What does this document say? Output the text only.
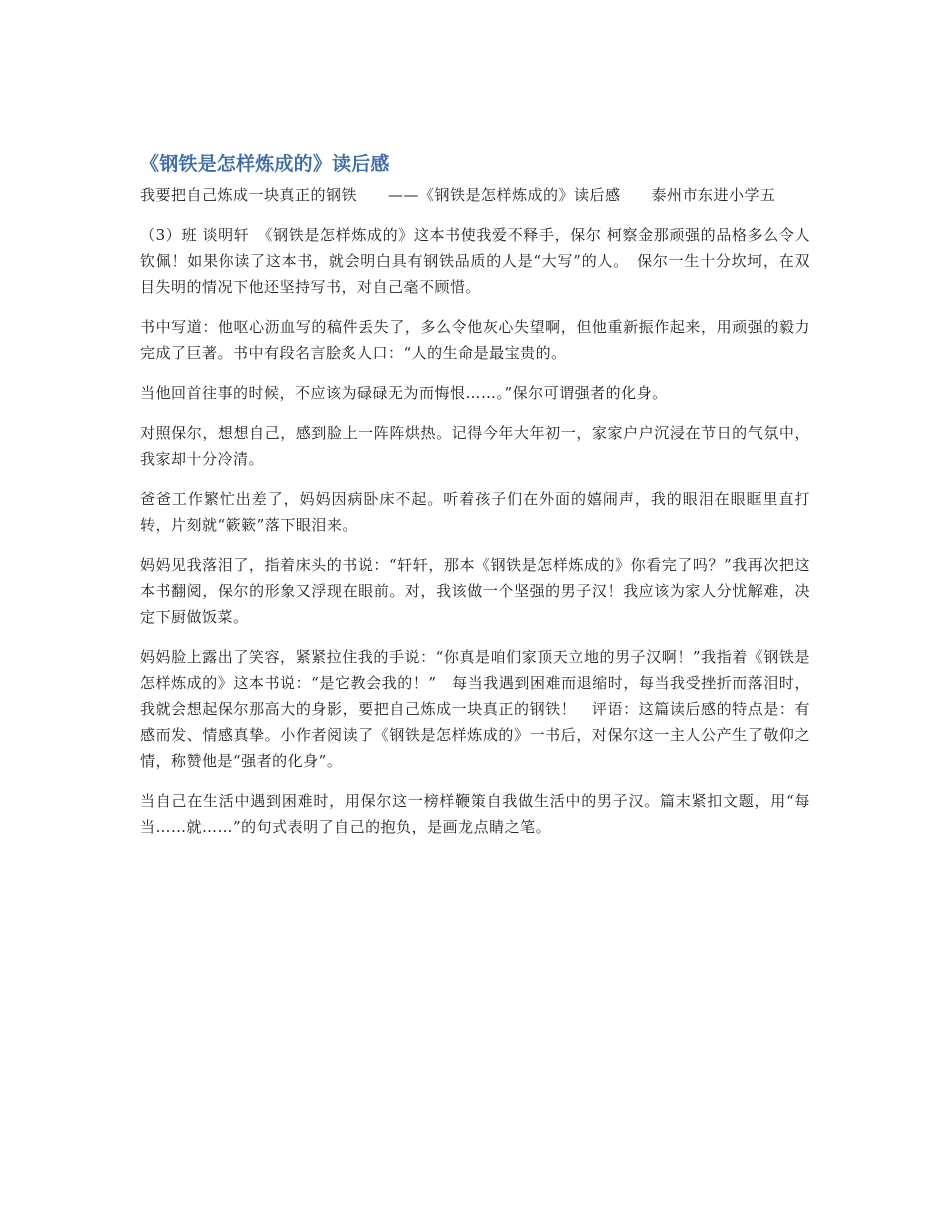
《钢铁是怎样炼成的》读后感

我要把自己炼成一块真正的钢铁　　——《钢铁是怎样炼成的》读后感　　泰州市东进小学五

（3）班 谈明轩　《钢铁是怎样炼成的》这本书使我爱不释手，保尔 柯察金那顽强的品格多么令人钦佩！如果你读了这本书，就会明白具有钢铁品质的人是“大写”的人。　保尔一生十分坎坷，在双目失明的情况下他还坚持写书，对自己毫不顾惜。

书中写道：他呕心沥血写的稿件丢失了，多么令他灰心失望啊，但他重新振作起来，用顽强的毅力完成了巨著。书中有段名言脍炙人口：“人的生命是最宝贵的。

当他回首往事的时候，不应该为碌碌无为而悔恨……。”保尔可谓强者的化身。

对照保尔，想想自己，感到脸上一阵阵烘热。记得今年大年初一，家家户户沉浸在节日的气氛中，我家却十分冷清。

爸爸工作繁忙出差了，妈妈因病卧床不起。听着孩子们在外面的嬉闹声，我的眼泪在眼眶里直打转，片刻就“簌簌”落下眼泪来。

妈妈见我落泪了，指着床头的书说：“轩轩，那本《钢铁是怎样炼成的》你看完了吗？”我再次把这本书翻阅，保尔的形象又浮现在眼前。对，我该做一个坚强的男子汉！我应该为家人分忧解难，决定下厨做饭菜。

妈妈脸上露出了笑容，紧紧拉住我的手说：“你真是咱们家顶天立地的男子汉啊！”我指着《钢铁是怎样炼成的》这本书说：“是它教会我的！”　每当我遇到困难而退缩时，每当我受挫折而落泪时，我就会想起保尔那高大的身影，要把自己炼成一块真正的钢铁！　评语：这篇读后感的特点是：有感而发、情感真挚。小作者阅读了《钢铁是怎样炼成的》一书后，对保尔这一主人公产生了敬仰之情，称赞他是“强者的化身”。

当自己在生活中遇到困难时，用保尔这一榜样鞭策自我做生活中的男子汉。篇末紧扣文题，用“每当……就……”的句式表明了自己的抱负，是画龙点睛之笔。
